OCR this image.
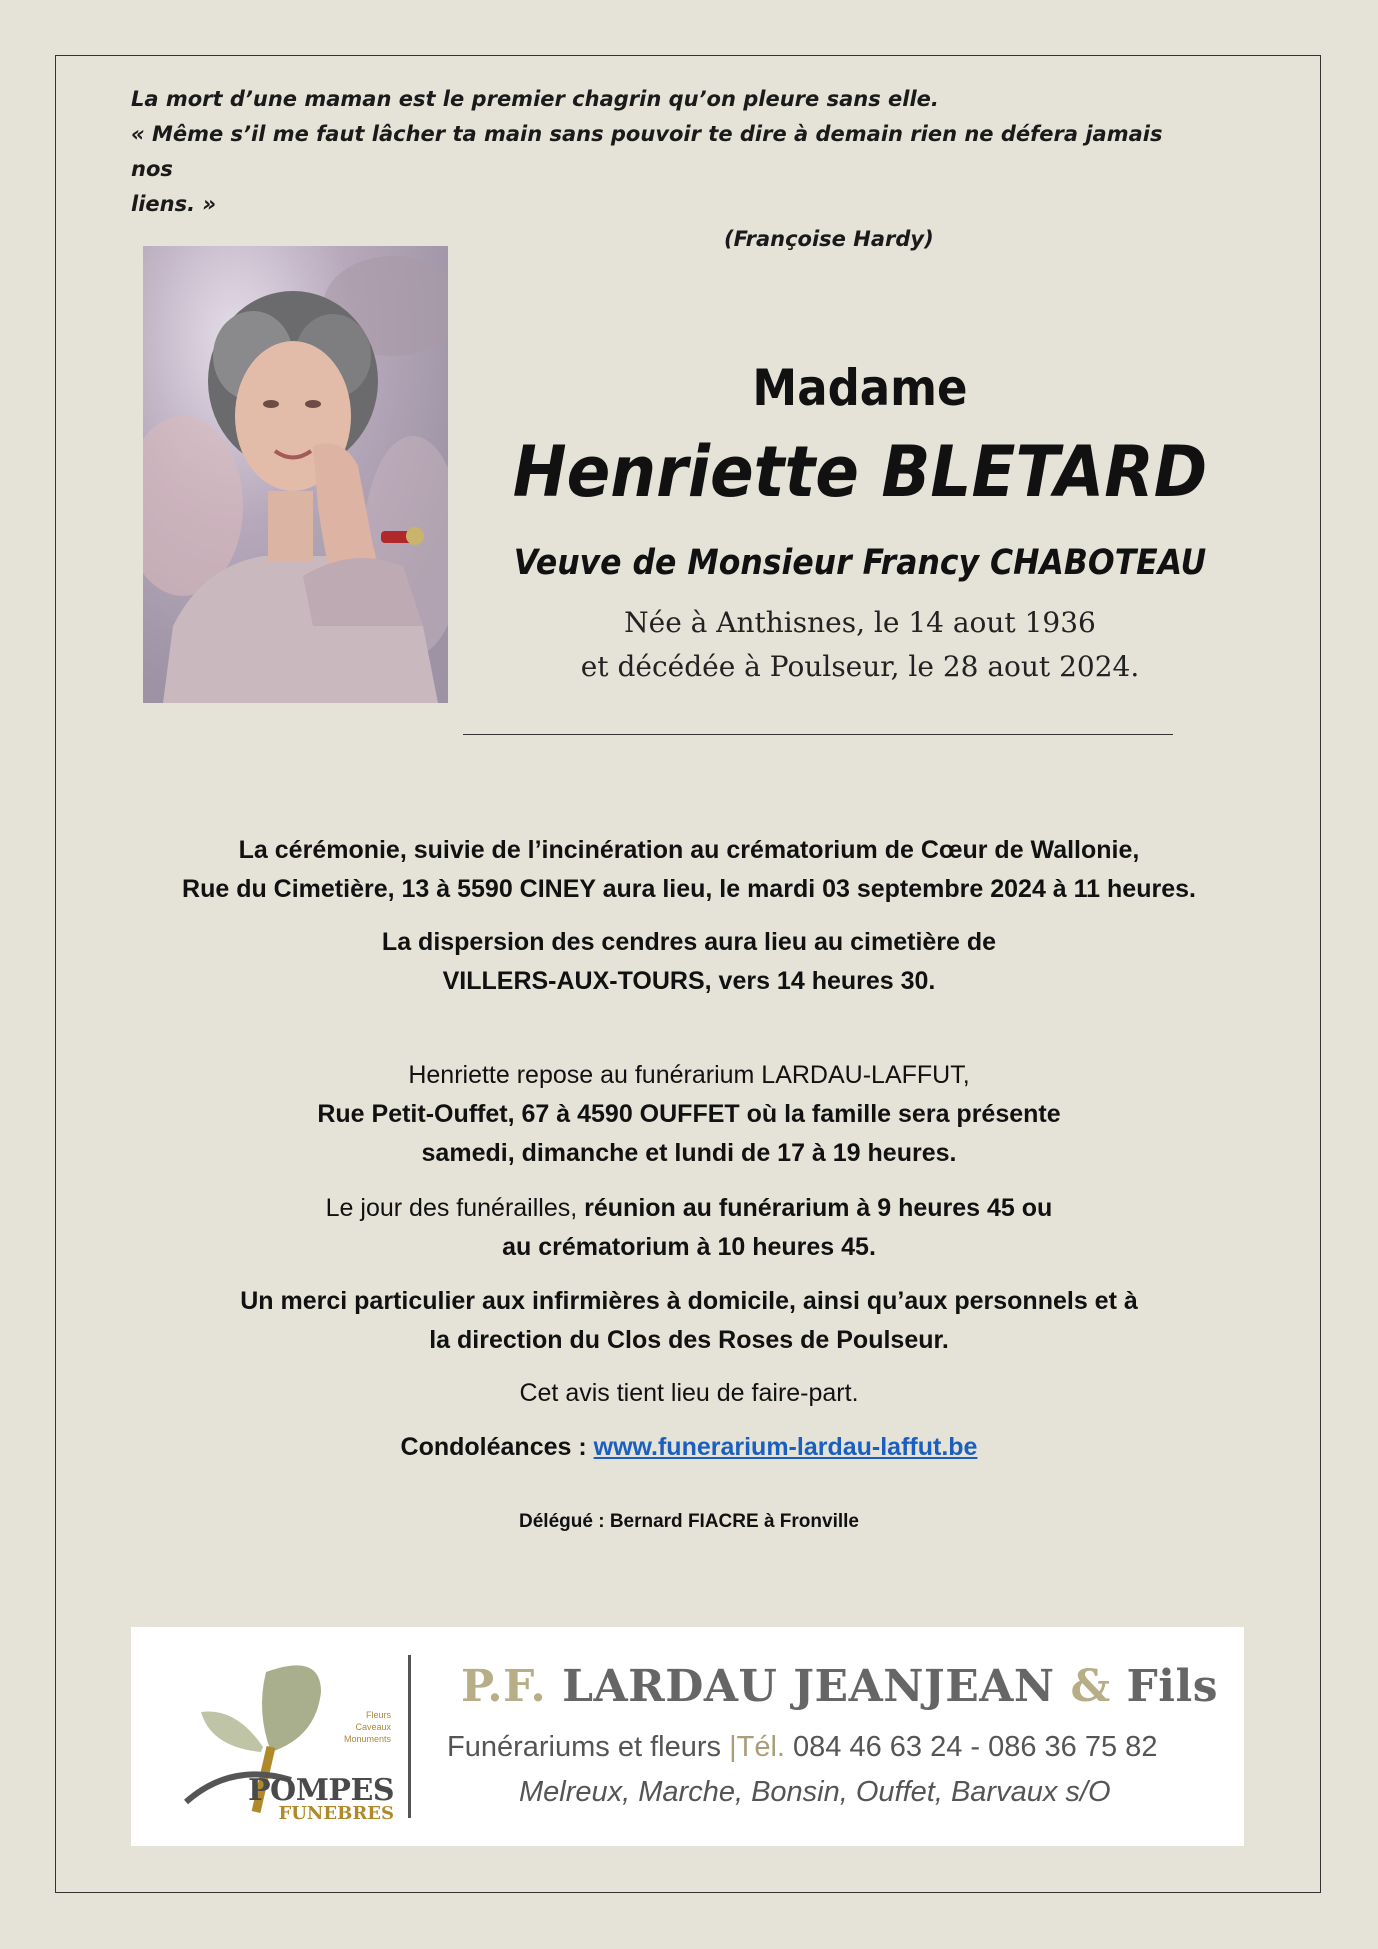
La mort d’une maman est le premier chagrin qu’on pleure sans elle.
« Même s’il me faut lâcher ta main sans pouvoir te dire à demain rien ne défera jamais nos
liens. »
(Françoise Hardy)
Madame
Henriette BLETARD
Veuve de Monsieur Francy CHABOTEAU
Née à Anthisnes, le 14 aout 1936
et décédée à Poulseur, le 28 aout 2024.
La cérémonie, suivie de l’incinération au crématorium de Cœur de Wallonie,
Rue du Cimetière, 13 à 5590 CINEY aura lieu, le mardi 03 septembre 2024 à 11 heures.
La dispersion des cendres aura lieu au cimetière de
VILLERS-AUX-TOURS, vers 14 heures 30.
Henriette repose au funérarium LARDAU-LAFFUT,
Rue Petit-Ouffet, 67 à 4590 OUFFET où la famille sera présente
samedi, dimanche et lundi de 17 à 19 heures.
Le jour des funérailles, réunion au funérarium à 9 heures 45 ou
au crématorium à 10 heures 45.
Un merci particulier aux infirmières à domicile, ainsi qu’aux personnels et à
la direction du Clos des Roses de Poulseur.
Cet avis tient lieu de faire-part.
Condoléances : www.funerarium-lardau-laffut.be
Délégué : Bernard FIACRE à Fronville
Fleurs
Caveaux
Monuments
POMPES
FUNEBRES
P.F. LARDAU JEANJEAN & Fils
Funérariums et fleurs |Tél. 084 46 63 24 - 086 36 75 82
Melreux, Marche, Bonsin, Ouffet, Barvaux s/O
